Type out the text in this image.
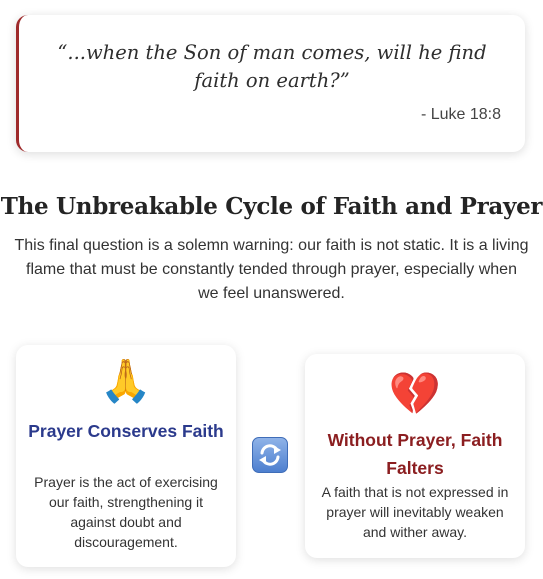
“...when the Son of man comes, will he find faith on earth?”

- Luke 18:8
The Unbreakable Cycle of Faith and Prayer

This final question is a solemn warning: our faith is not static. It is a living flame that must be constantly tended through prayer, especially when we feel unanswered.

🙏
Prayer Conserves Faith
Prayer is the act of exercising our faith, strengthening it against doubt and discouragement.
💔
Without Prayer, Faith Falters
A faith that is not expressed in prayer will inevitably weaken and wither away.
